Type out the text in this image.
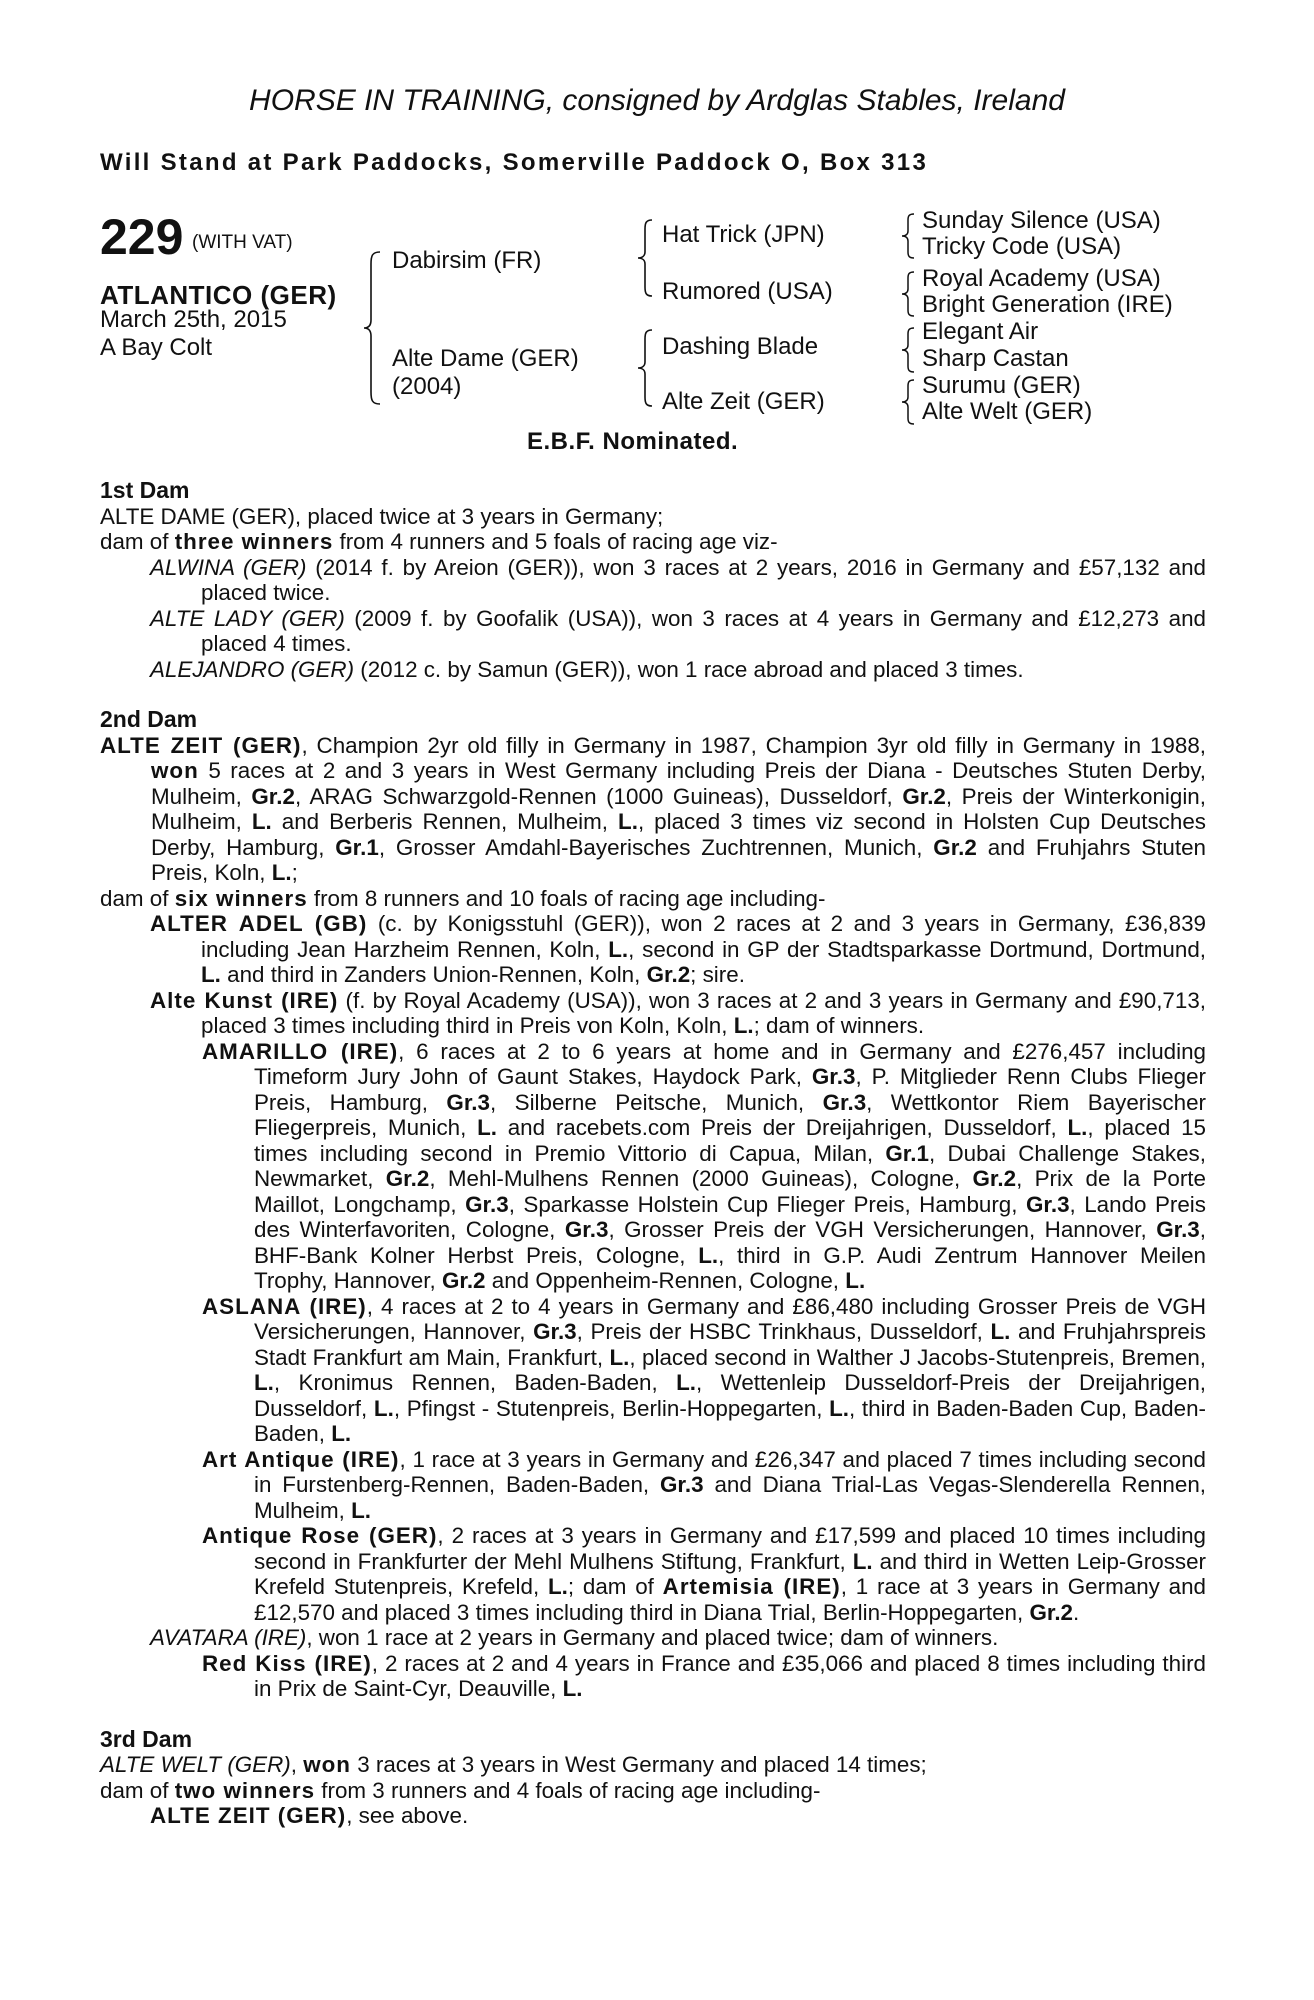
HORSE IN TRAINING, consigned by Ardglas Stables, Ireland
Will Stand at Park Paddocks, Somerville Paddock O, Box 313
229 (WITH VAT)
ATLANTICO (GER)
March 25th, 2015
A Bay Colt
Dabirsim (FR)
Alte Dame (GER)
(2004)
Hat Trick (JPN)
Rumored (USA)
Dashing Blade
Alte Zeit (GER)
Sunday Silence (USA)
Tricky Code (USA)
Royal Academy (USA)
Bright Generation (IRE)
Elegant Air
Sharp Castan
Surumu (GER)
Alte Welt (GER)
E.B.F. Nominated.
1st Dam
ALTE DAME (GER), placed twice at 3 years in Germany;
dam of three winners from 4 runners and 5 foals of racing age viz-
ALWINA (GER) (2014 f. by Areion (GER)), won 3 races at 2 years, 2016 in Germany and £57,132 and placed twice.
ALTE LADY (GER) (2009 f. by Goofalik (USA)), won 3 races at 4 years in Germany and £12,273 and placed 4 times.
ALEJANDRO (GER) (2012 c. by Samun (GER)), won 1 race abroad and placed 3 times.
2nd Dam
ALTE ZEIT (GER), Champion 2yr old filly in Germany in 1987, Champion 3yr old filly in Germany in 1988, won 5 races at 2 and 3 years in West Germany including Preis der Diana - Deutsches Stuten Derby, Mulheim, Gr.2, ARAG Schwarzgold-Rennen (1000 Guineas), Dusseldorf, Gr.2, Preis der Winterkonigin, Mulheim, L. and Berberis Rennen, Mulheim, L., placed 3 times viz second in Holsten Cup Deutsches Derby, Hamburg, Gr.1, Grosser Amdahl-Bayerisches Zuchtrennen, Munich, Gr.2 and Fruhjahrs Stuten Preis, Koln, L.;
dam of six winners from 8 runners and 10 foals of racing age including-
ALTER ADEL (GB) (c. by Konigsstuhl (GER)), won 2 races at 2 and 3 years in Germany, £36,839 including Jean Harzheim Rennen, Koln, L., second in GP der Stadtsparkasse Dortmund, Dortmund, L. and third in Zanders Union-Rennen, Koln, Gr.2; sire.
Alte Kunst (IRE) (f. by Royal Academy (USA)), won 3 races at 2 and 3 years in Germany and £90,713, placed 3 times including third in Preis von Koln, Koln, L.; dam of winners.
AMARILLO (IRE), 6 races at 2 to 6 years at home and in Germany and £276,457 including Timeform Jury John of Gaunt Stakes, Haydock Park, Gr.3, P. Mitglieder Renn Clubs Flieger Preis, Hamburg, Gr.3, Silberne Peitsche, Munich, Gr.3, Wettkontor Riem Bayerischer Fliegerpreis, Munich, L. and racebets.com Preis der Dreijahrigen, Dusseldorf, L., placed 15 times including second in Premio Vittorio di Capua, Milan, Gr.1, Dubai Challenge Stakes, Newmarket, Gr.2, Mehl-Mulhens Rennen (2000 Guineas), Cologne, Gr.2, Prix de la Porte Maillot, Longchamp, Gr.3, Sparkasse Holstein Cup Flieger Preis, Hamburg, Gr.3, Lando Preis des Winterfavoriten, Cologne, Gr.3, Grosser Preis der VGH Versicherungen, Hannover, Gr.3, BHF-Bank Kolner Herbst Preis, Cologne, L., third in G.P. Audi Zentrum Hannover Meilen Trophy, Hannover, Gr.2 and Oppenheim-Rennen, Cologne, L.
ASLANA (IRE), 4 races at 2 to 4 years in Germany and £86,480 including Grosser Preis de VGH Versicherungen, Hannover, Gr.3, Preis der HSBC Trinkhaus, Dusseldorf, L. and Fruhjahrspreis Stadt Frankfurt am Main, Frankfurt, L., placed second in Walther J Jacobs-Stutenpreis, Bremen, L., Kronimus Rennen, Baden-Baden, L., Wettenleip Dusseldorf-Preis der Dreijahrigen, Dusseldorf, L., Pfingst - Stutenpreis, Berlin-Hoppegarten, L., third in Baden-Baden Cup, Baden-Baden, L.
Art Antique (IRE), 1 race at 3 years in Germany and £26,347 and placed 7 times including second in Furstenberg-Rennen, Baden-Baden, Gr.3 and Diana Trial-Las Vegas-Slenderella Rennen, Mulheim, L.
Antique Rose (GER), 2 races at 3 years in Germany and £17,599 and placed 10 times including second in Frankfurter der Mehl Mulhens Stiftung, Frankfurt, L. and third in Wetten Leip-Grosser Krefeld Stutenpreis, Krefeld, L.; dam of Artemisia (IRE), 1 race at 3 years in Germany and £12,570 and placed 3 times including third in Diana Trial, Berlin-Hoppegarten, Gr.2.
AVATARA (IRE), won 1 race at 2 years in Germany and placed twice; dam of winners.
Red Kiss (IRE), 2 races at 2 and 4 years in France and £35,066 and placed 8 times including third in Prix de Saint-Cyr, Deauville, L.
3rd Dam
ALTE WELT (GER), won 3 races at 3 years in West Germany and placed 14 times;
dam of two winners from 3 runners and 4 foals of racing age including-
ALTE ZEIT (GER), see above.
